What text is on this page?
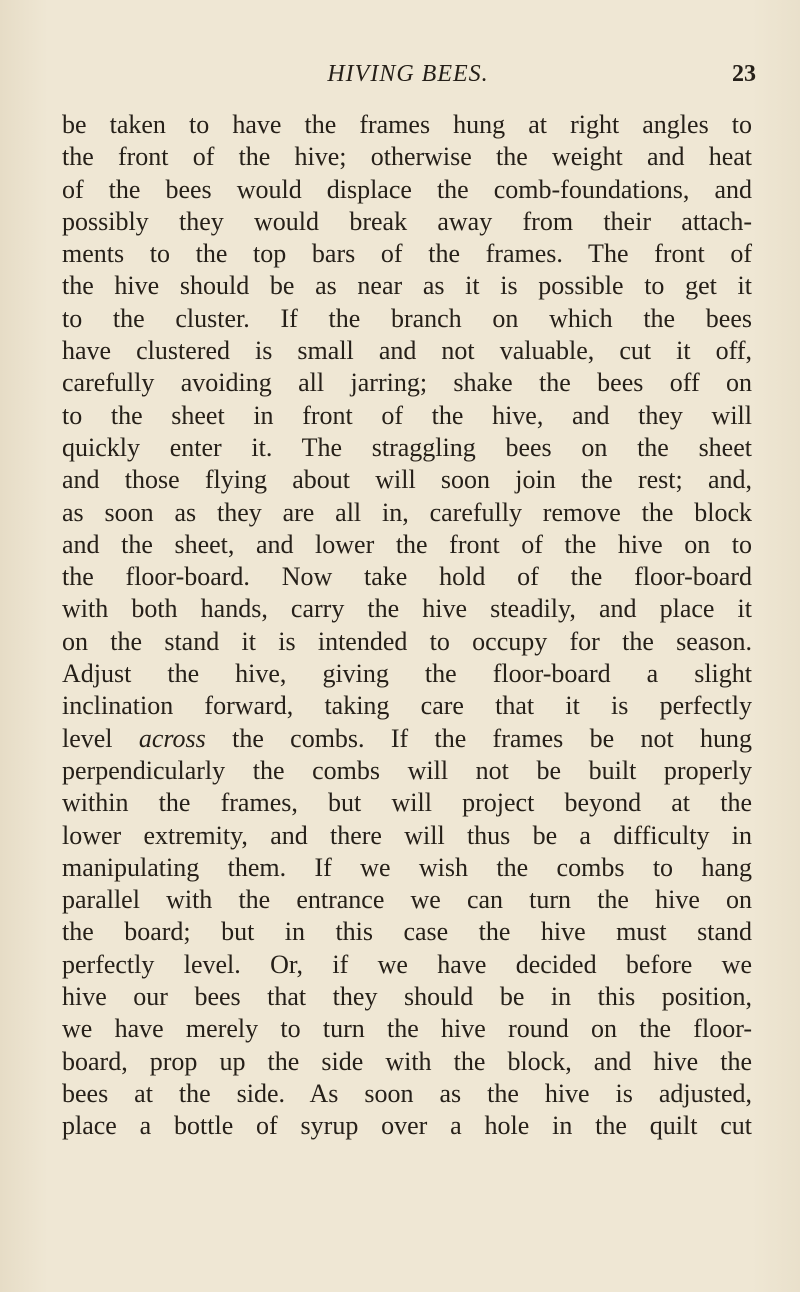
HIVING BEES.	23
be taken to have the frames hung at right angles to
the front of the hive; otherwise the weight and heat
of the bees would displace the comb-foundations, and
possibly they would break away from their attach-
ments to the top bars of the frames. The front of
the hive should be as near as it is possible to get it
to the cluster. If the branch on which the bees
have clustered is small and not valuable, cut it off,
carefully avoiding all jarring; shake the bees off on
to the sheet in front of the hive, and they will
quickly enter it. The straggling bees on the sheet
and those flying about will soon join the rest; and,
as soon as they are all in, carefully remove the block
and the sheet, and lower the front of the hive on to
the floor-board. Now take hold of the floor-board
with both hands, carry the hive steadily, and place it
on the stand it is intended to occupy for the season.
Adjust the hive, giving the floor-board a slight
inclination forward, taking care that it is perfectly
level across the combs. If the frames be not hung
perpendicularly the combs will not be built properly
within the frames, but will project beyond at the
lower extremity, and there will thus be a difficulty in
manipulating them. If we wish the combs to hang
parallel with the entrance we can turn the hive on
the board; but in this case the hive must stand
perfectly level. Or, if we have decided before we
hive our bees that they should be in this position,
we have merely to turn the hive round on the floor-
board, prop up the side with the block, and hive the
bees at the side. As soon as the hive is adjusted,
place a bottle of syrup over a hole in the quilt cut
